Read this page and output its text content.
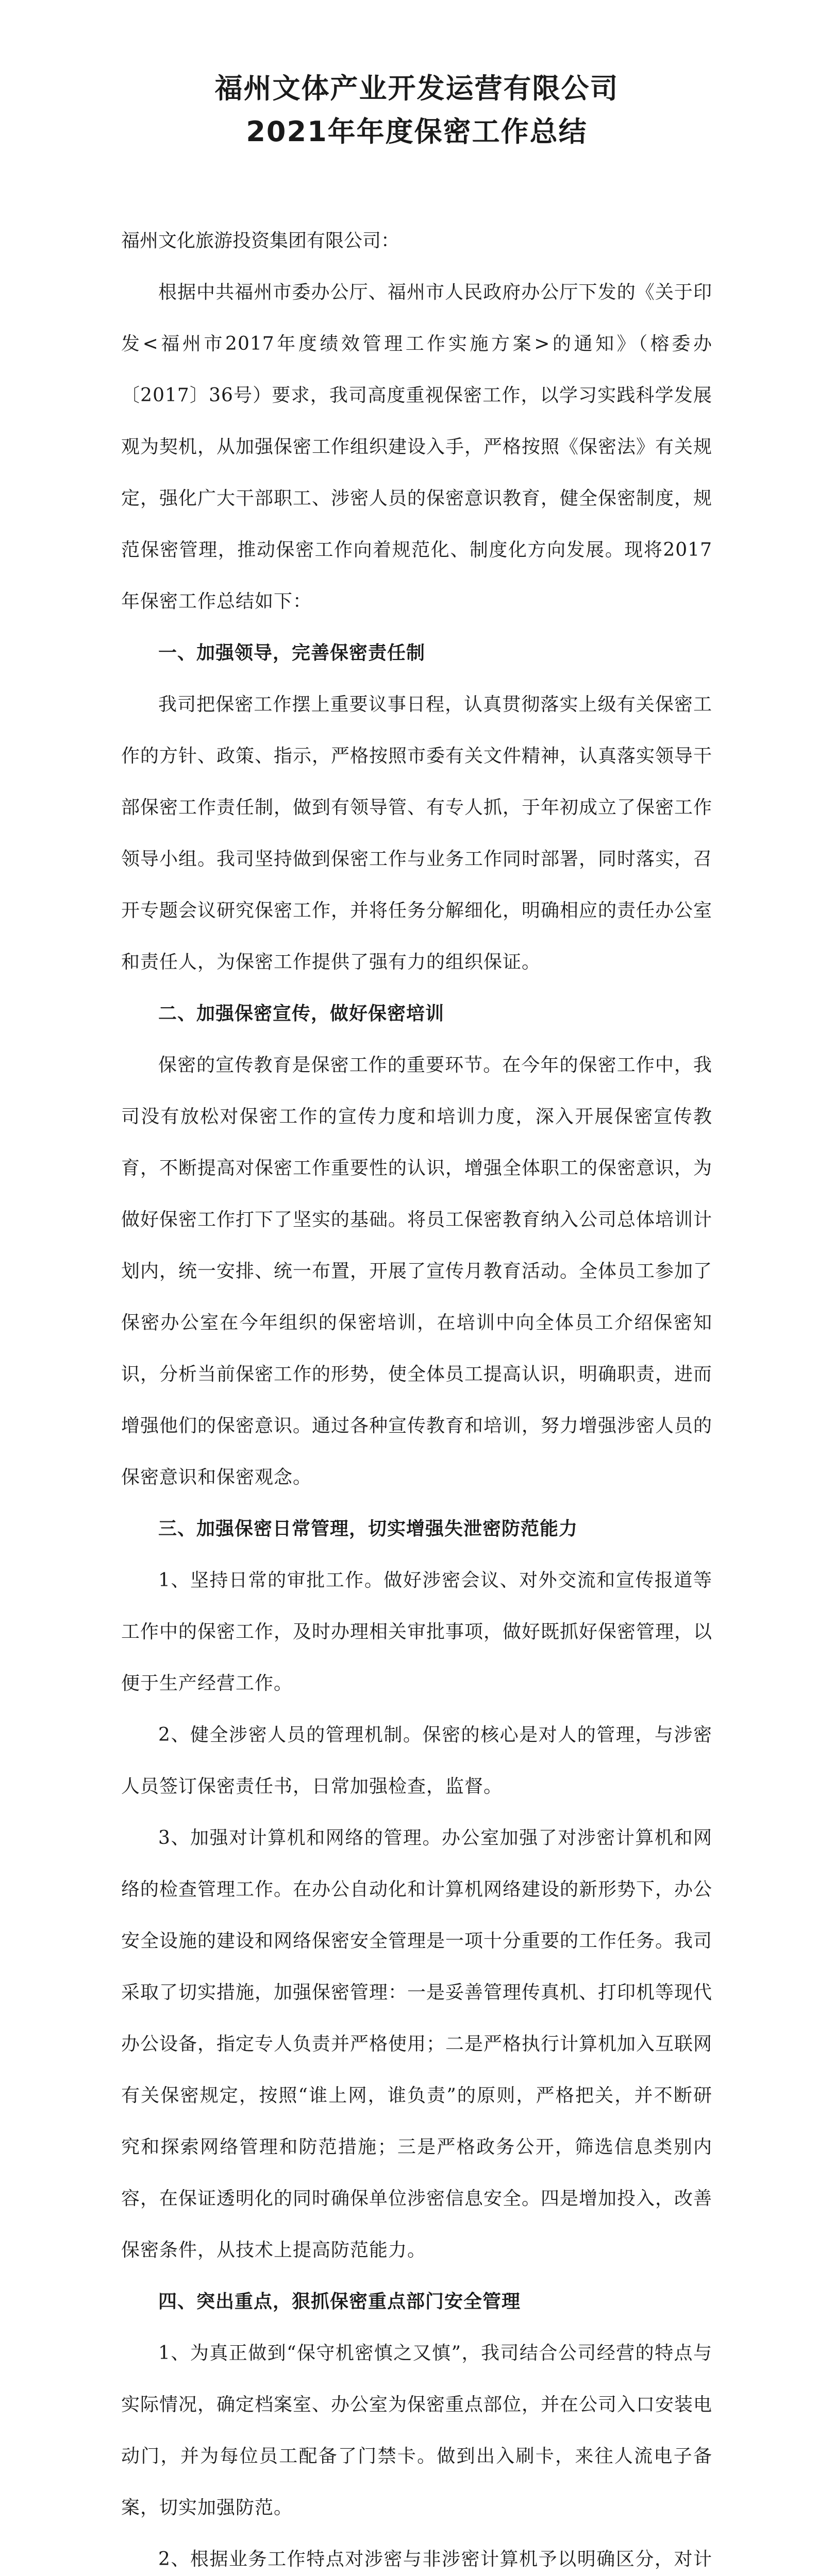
福州文体产业开发运营有限公司
2021年年度保密工作总结

福州文化旅游投资集团有限公司：

根据中共福州市委办公厅、福州市人民政府办公厅下发的《关于印发<福州市2017年度绩效管理工作实施方案>的通知》（榕委办〔2017〕36号）要求，我司高度重视保密工作，以学习实践科学发展观为契机，从加强保密工作组织建设入手，严格按照《保密法》有关规定，强化广大干部职工、涉密人员的保密意识教育，健全保密制度，规范保密管理，推动保密工作向着规范化、制度化方向发展。现将2017年保密工作总结如下：

一、加强领导，完善保密责任制

我司把保密工作摆上重要议事日程，认真贯彻落实上级有关保密工作的方针、政策、指示，严格按照市委有关文件精神，认真落实领导干部保密工作责任制，做到有领导管、有专人抓，于年初成立了保密工作领导小组。我司坚持做到保密工作与业务工作同时部署，同时落实，召开专题会议研究保密工作，并将任务分解细化，明确相应的责任办公室和责任人，为保密工作提供了强有力的组织保证。

二、加强保密宣传，做好保密培训

保密的宣传教育是保密工作的重要环节。在今年的保密工作中，我司没有放松对保密工作的宣传力度和培训力度，深入开展保密宣传教育，不断提高对保密工作重要性的认识，增强全体职工的保密意识，为做好保密工作打下了坚实的基础。将员工保密教育纳入公司总体培训计划内，统一安排、统一布置，开展了宣传月教育活动。全体员工参加了保密办公室在今年组织的保密培训，在培训中向全体员工介绍保密知识，分析当前保密工作的形势，使全体员工提高认识，明确职责，进而增强他们的保密意识。通过各种宣传教育和培训，努力增强涉密人员的保密意识和保密观念。

三、加强保密日常管理，切实增强失泄密防范能力

1、坚持日常的审批工作。做好涉密会议、对外交流和宣传报道等工作中的保密工作，及时办理相关审批事项，做好既抓好保密管理，以便于生产经营工作。

2、健全涉密人员的管理机制。保密的核心是对人的管理，与涉密人员签订保密责任书，日常加强检查，监督。

3、加强对计算机和网络的管理。办公室加强了对涉密计算机和网络的检查管理工作。在办公自动化和计算机网络建设的新形势下，办公安全设施的建设和网络保密安全管理是一项十分重要的工作任务。我司采取了切实措施，加强保密管理：一是妥善管理传真机、打印机等现代办公设备，指定专人负责并严格使用；二是严格执行计算机加入互联网有关保密规定，按照“谁上网，谁负责”的原则，严格把关，并不断研究和探索网络管理和防范措施；三是严格政务公开，筛选信息类别内容，在保证透明化的同时确保单位涉密信息安全。四是增加投入，改善保密条件，从技术上提高防范能力。

四、突出重点，狠抓保密重点部门安全管理

1、为真正做到“保守机密慎之又慎”，我司结合公司经营的特点与实际情况，确定档案室、办公室为保密重点部位，并在公司入口安装电动门，并为每位员工配备了门禁卡。做到出入刷卡，来往人流电子备案，切实加强防范。

2、根据业务工作特点对涉密与非涉密计算机予以明确区分，对计
